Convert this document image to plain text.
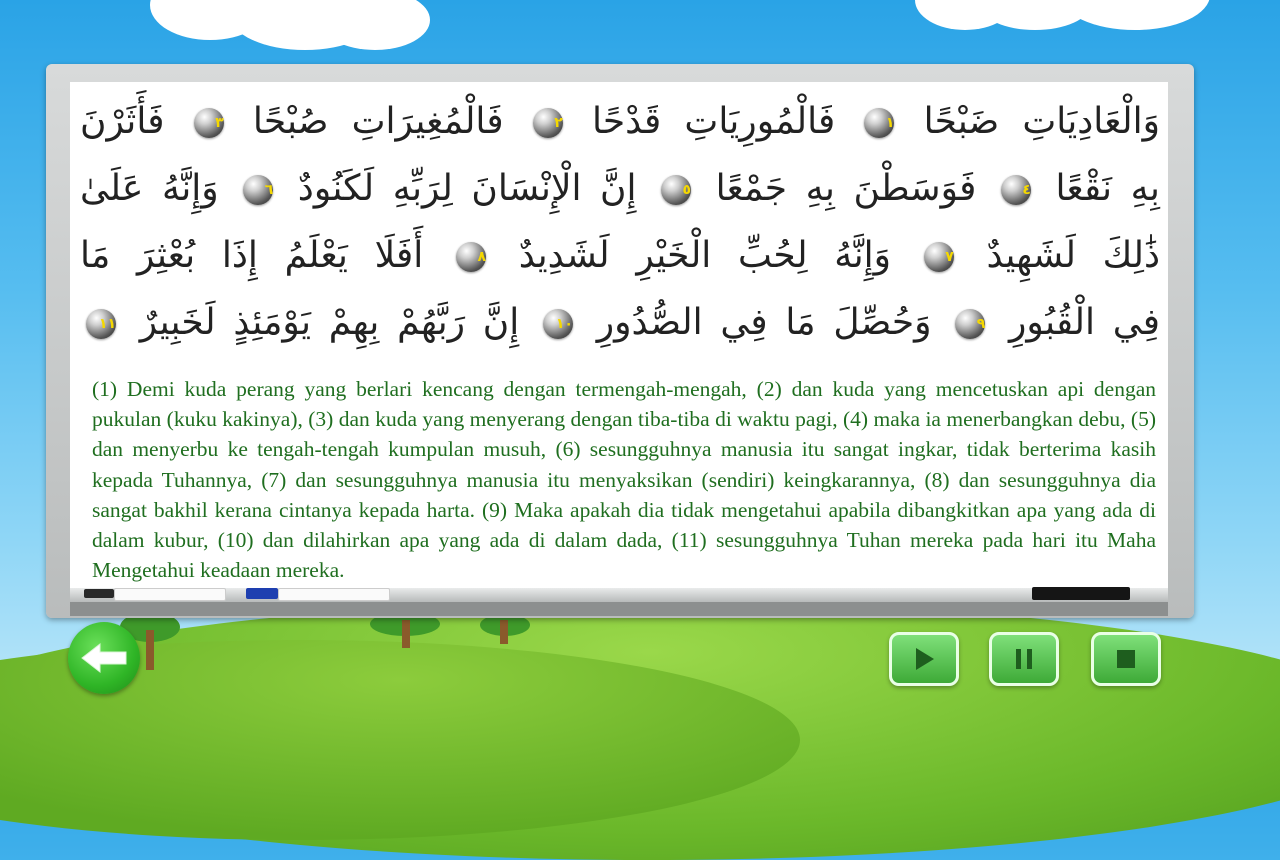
وَالْعَادِيَاتِ ضَبْحًا ١ فَالْمُورِيَاتِ قَدْحًا ٢ فَالْمُغِيرَاتِ صُبْحًا ٣ فَأَثَرْنَ
بِهِ نَقْعًا ٤ فَوَسَطْنَ بِهِ جَمْعًا ٥ إِنَّ الْإِنْسَانَ لِرَبِّهِ لَكَنُودٌ ٦ وَإِنَّهُ عَلَىٰ
ذَٰلِكَ لَشَهِيدٌ ٧ وَإِنَّهُ لِحُبِّ الْخَيْرِ لَشَدِيدٌ ٨ أَفَلَا يَعْلَمُ إِذَا بُعْثِرَ مَا
فِي الْقُبُورِ ٩ وَحُصِّلَ مَا فِي الصُّدُورِ ١٠ إِنَّ رَبَّهُمْ بِهِمْ يَوْمَئِذٍ لَخَبِيرٌ ١١
(1) Demi kuda perang yang berlari kencang dengan termengah-mengah, (2) dan kuda yang mencetuskan api dengan pukulan (kuku kakinya), (3) dan kuda yang menyerang dengan tiba-tiba di waktu pagi, (4) maka ia menerbangkan debu, (5) dan menyerbu ke tengah-tengah kumpulan musuh, (6) sesungguhnya manusia itu sangat ingkar, tidak berterima kasih kepada Tuhannya, (7) dan sesungguhnya manusia itu menyaksikan (sendiri) keingkarannya, (8) dan sesungguhnya dia sangat bakhil kerana cintanya kepada harta. (9) Maka apakah dia tidak mengetahui apabila dibangkitkan apa yang ada di dalam kubur, (10) dan dilahirkan apa yang ada di dalam dada, (11) sesungguhnya Tuhan mereka pada hari itu Maha Mengetahui keadaan mereka.
